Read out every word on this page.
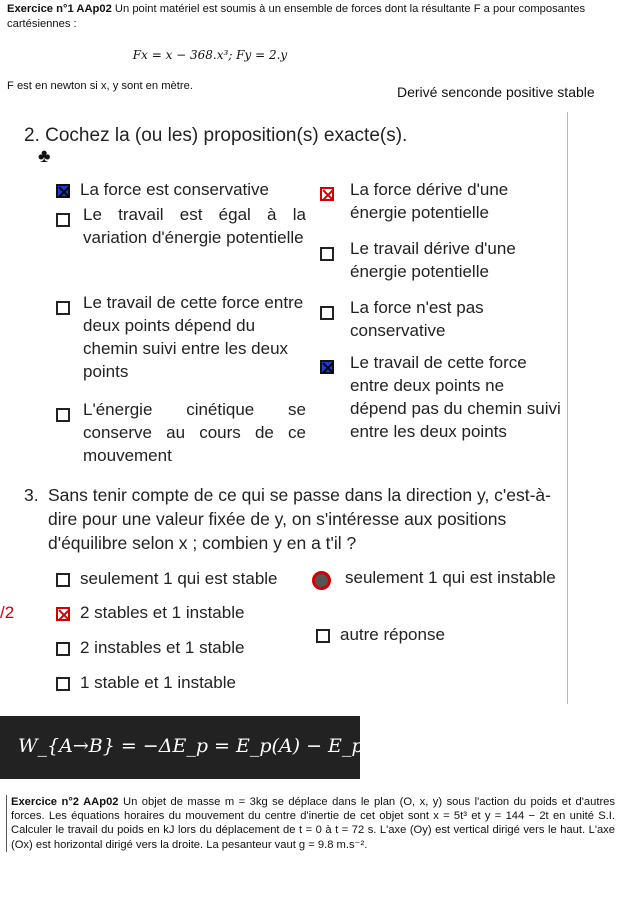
Exercice n°1 AAp02 Un point matériel est soumis à un ensemble de forces dont la résultante F a pour composantes cartésiennes :
Fx = x − 368.x³; Fy = 2.y
F est en newton si x, y sont en mètre.	Derivé senconde positive stable
2. Cochez la (ou les) proposition(s) exacte(s).
♣
La force est conservative
Le travail est égal à la variation d'énergie potentielle
Le travail de cette force entre deux points dépend du chemin suivi entre les deux points
L'énergie cinétique se conserve au cours de ce mouvement
La force dérive d'une énergie potentielle
Le travail dérive d'une énergie potentielle
La force n'est pas conservative
Le travail de cette force entre deux points ne dépend pas du chemin suivi entre les deux points
3. Sans tenir compte de ce qui se passe dans la direction y, c'est-à-dire pour une valeur fixée de y, on s'intéresse aux positions d'équilibre selon x ; combien y en a t'il ?
seulement 1 qui est stable
2 stables et 1 instable
2 instables et 1 stable
1 stable et 1 instable
seulement 1 qui est instable
autre réponse
/2
W_{A→B} = −ΔE_p = E_p(A) − E_p(B)
Exercice n°2 AAp02 Un objet de masse m = 3kg se déplace dans le plan (O, x, y) sous l'action du poids et d'autres forces. Les équations horaires du mouvement du centre d'inertie de cet objet sont x = 5t³ et y = 144 − 2t en unité S.I. Calculer le travail du poids en kJ lors du déplacement de t = 0 à t = 72 s. L'axe (Oy) est vertical dirigé vers le haut. L'axe (Ox) est horizontal dirigé vers la droite. La pesanteur vaut g = 9.8 m.s⁻².
